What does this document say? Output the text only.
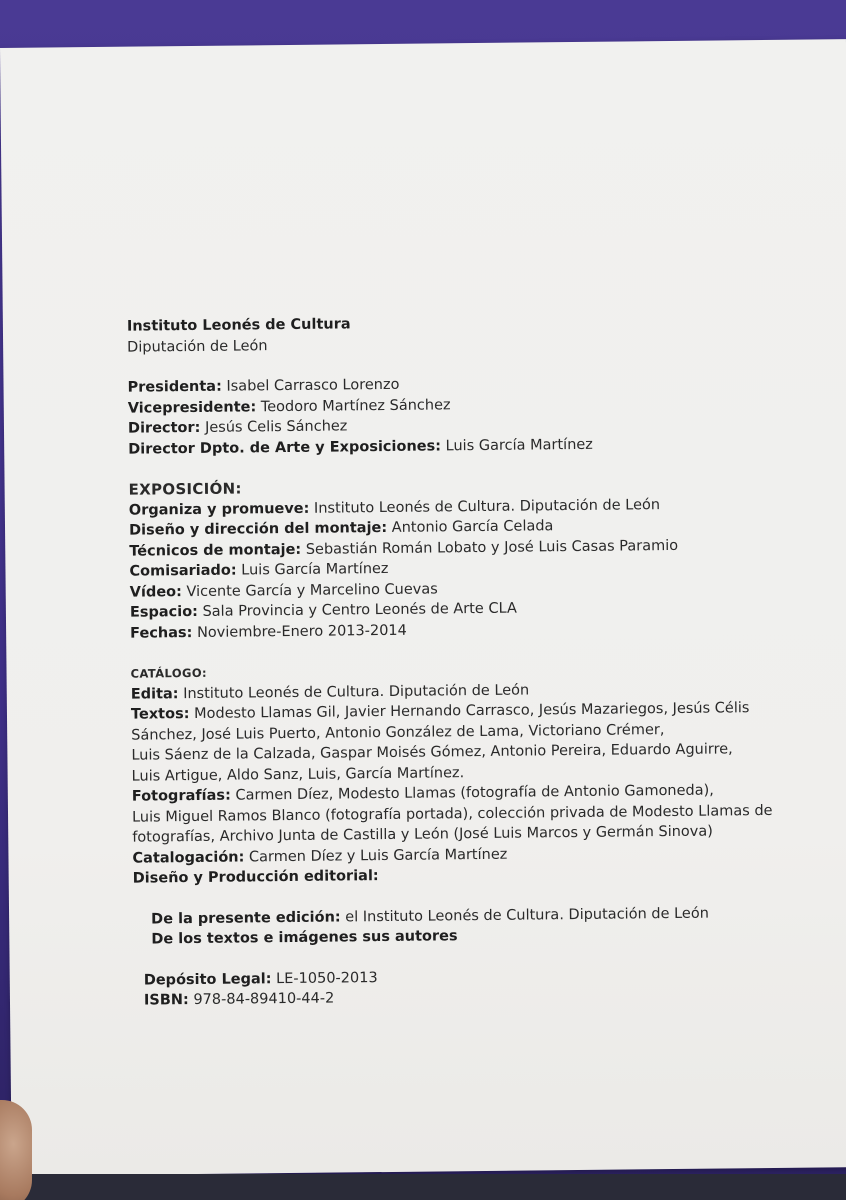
Instituto Leonés de Cultura
Diputación de León
Presidenta: Isabel Carrasco Lorenzo
Vicepresidente: Teodoro Martínez Sánchez
Director: Jesús Celis Sánchez
Director Dpto. de Arte y Exposiciones: Luis García Martínez
EXPOSICIÓN:
Organiza y promueve: Instituto Leonés de Cultura. Diputación de León
Diseño y dirección del montaje: Antonio García Celada
Técnicos de montaje: Sebastián Román Lobato y José Luis Casas Paramio
Comisariado: Luis García Martínez
Vídeo: Vicente García y Marcelino Cuevas
Espacio: Sala Provincia y Centro Leonés de Arte CLA
Fechas: Noviembre-Enero 2013-2014
CATÁLOGO:
Edita: Instituto Leonés de Cultura. Diputación de León
Textos: Modesto Llamas Gil, Javier Hernando Carrasco, Jesús Mazariegos, Jesús Célis
Sánchez, José Luis Puerto, Antonio González de Lama, Victoriano Crémer,
Luis Sáenz de la Calzada, Gaspar Moisés Gómez, Antonio Pereira, Eduardo Aguirre,
Luis Artigue, Aldo Sanz, Luis, García Martínez.
Fotografías: Carmen Díez, Modesto Llamas (fotografía de Antonio Gamoneda),
Luis Miguel Ramos Blanco (fotografía portada), colección privada de Modesto Llamas de
fotografías, Archivo Junta de Castilla y León (José Luis Marcos y Germán Sinova)
Catalogación: Carmen Díez y Luis García Martínez
Diseño y Producción editorial:
De la presente edición: el Instituto Leonés de Cultura. Diputación de León
De los textos e imágenes sus autores
Depósito Legal: LE-1050-2013
ISBN: 978-84-89410-44-2
